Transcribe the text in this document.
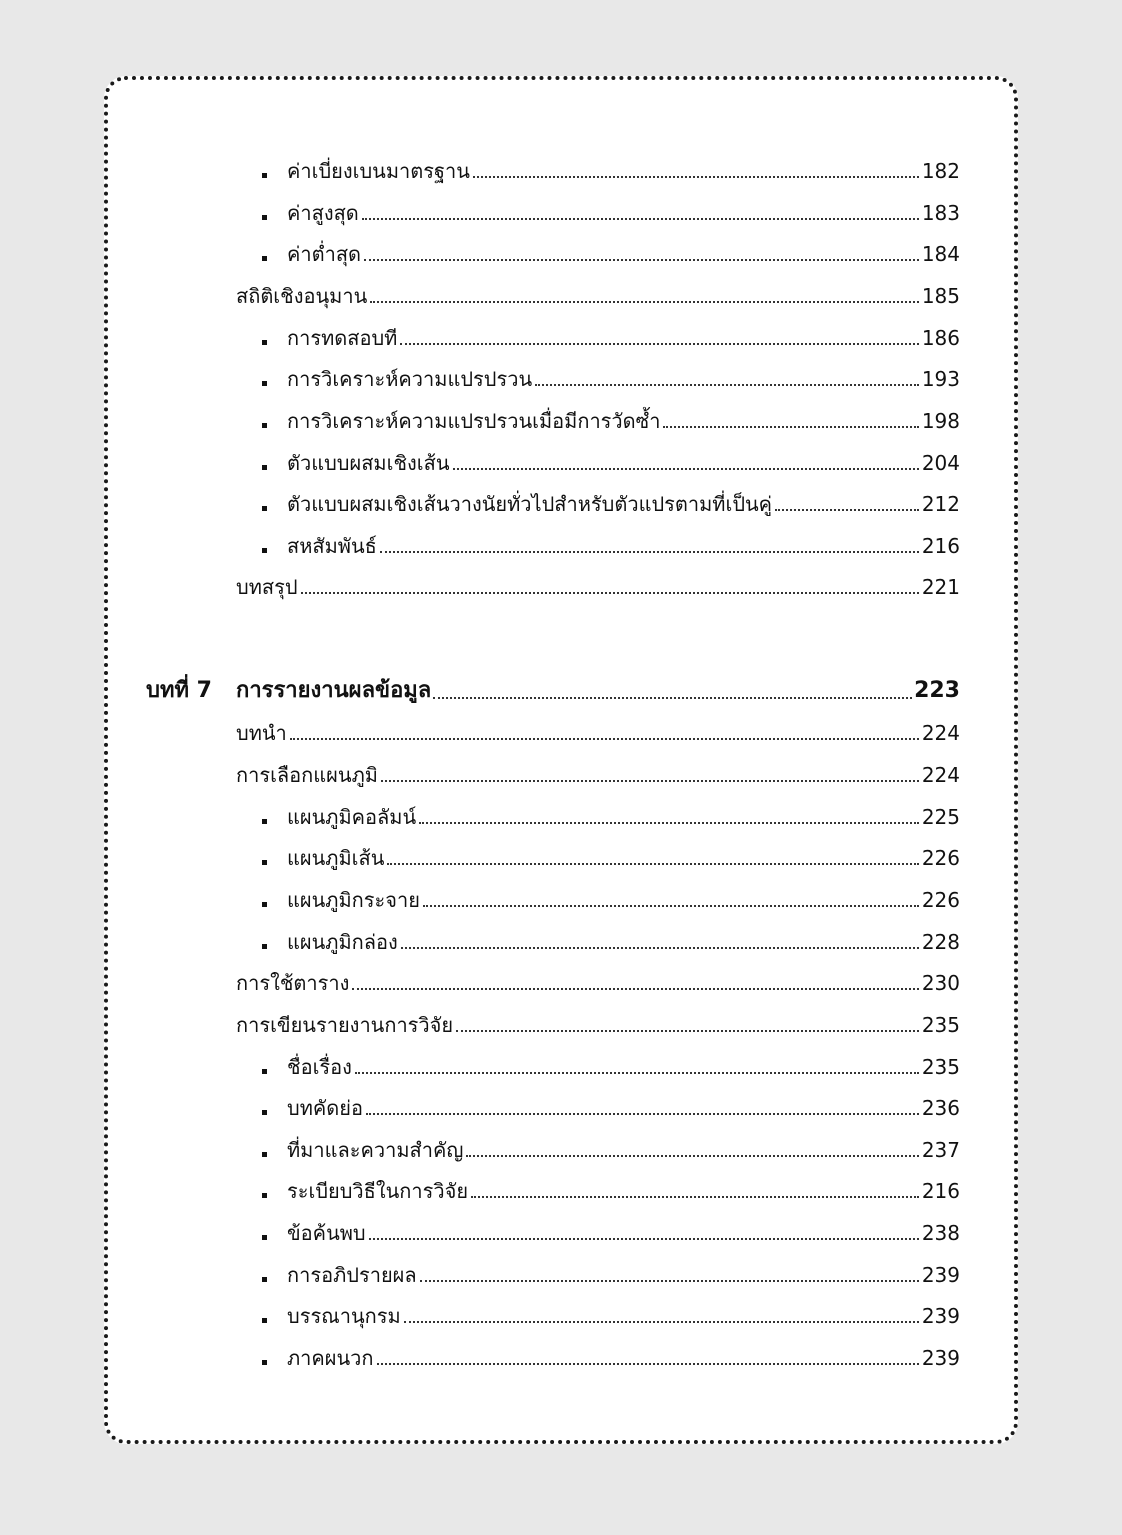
ค่าเบี่ยงเบนมาตรฐาน	182
ค่าสูงสุด	183
ค่าต่ำสุด	184
สถิติเชิงอนุมาน	185
การทดสอบที	186
การวิเคราะห์ความแปรปรวน	193
การวิเคราะห์ความแปรปรวนเมื่อมีการวัดซ้ำ	198
ตัวแบบผสมเชิงเส้น	204
ตัวแบบผสมเชิงเส้นวางนัยทั่วไปสำหรับตัวแปรตามที่เป็นคู่	212
สหสัมพันธ์	216
บทสรุป	221
บทที่ 7 การรายงานผลข้อมูล	223
บทนำ	224
การเลือกแผนภูมิ	224
แผนภูมิคอลัมน์	225
แผนภูมิเส้น	226
แผนภูมิกระจาย	226
แผนภูมิกล่อง	228
การใช้ตาราง	230
การเขียนรายงานการวิจัย	235
ชื่อเรื่อง	235
บทคัดย่อ	236
ที่มาและความสำคัญ	237
ระเบียบวิธีในการวิจัย	216
ข้อค้นพบ	238
การอภิปรายผล	239
บรรณานุกรม	239
ภาคผนวก	239
